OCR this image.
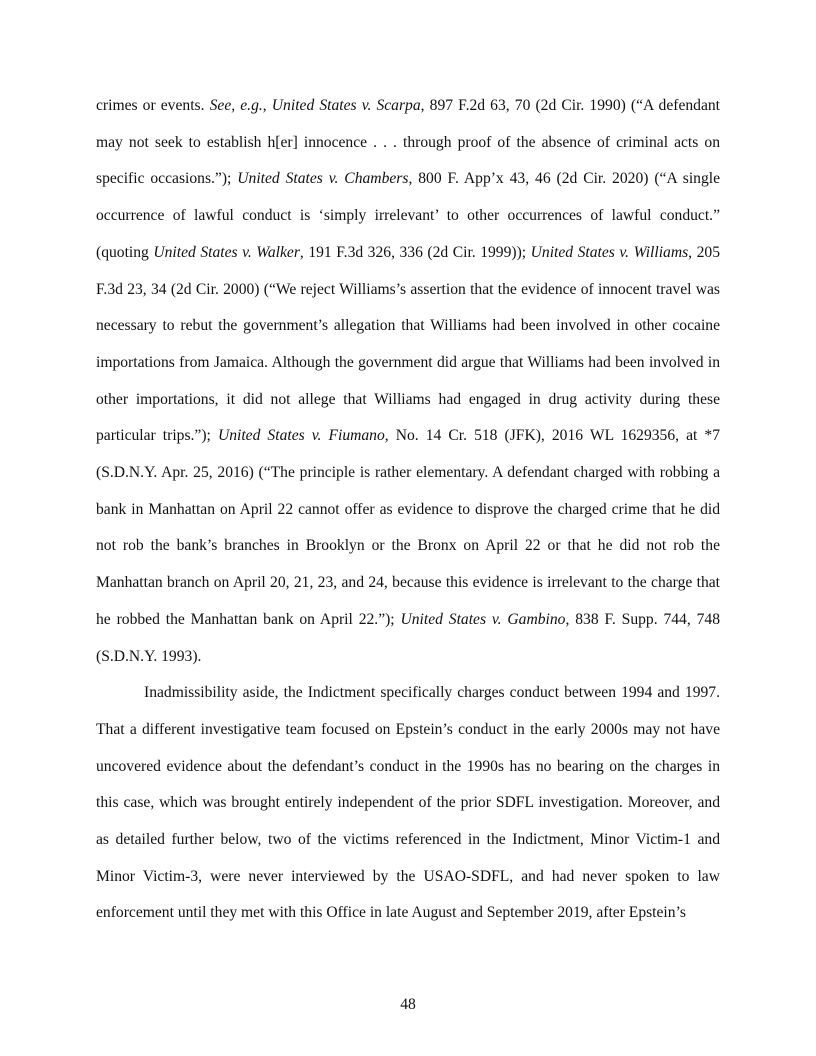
crimes or events. See, e.g., United States v. Scarpa, 897 F.2d 63, 70 (2d Cir. 1990) (“A defendant may not seek to establish h[er] innocence . . . through proof of the absence of criminal acts on specific occasions.”); United States v. Chambers, 800 F. App’x 43, 46 (2d Cir. 2020) (“A single occurrence of lawful conduct is ‘simply irrelevant’ to other occurrences of lawful conduct.” (quoting United States v. Walker, 191 F.3d 326, 336 (2d Cir. 1999)); United States v. Williams, 205 F.3d 23, 34 (2d Cir. 2000) (“We reject Williams’s assertion that the evidence of innocent travel was necessary to rebut the government’s allegation that Williams had been involved in other cocaine importations from Jamaica. Although the government did argue that Williams had been involved in other importations, it did not allege that Williams had engaged in drug activity during these particular trips.”); United States v. Fiumano, No. 14 Cr. 518 (JFK), 2016 WL 1629356, at *7 (S.D.N.Y. Apr. 25, 2016) (“The principle is rather elementary. A defendant charged with robbing a bank in Manhattan on April 22 cannot offer as evidence to disprove the charged crime that he did not rob the bank’s branches in Brooklyn or the Bronx on April 22 or that he did not rob the Manhattan branch on April 20, 21, 23, and 24, because this evidence is irrelevant to the charge that he robbed the Manhattan bank on April 22.”); United States v. Gambino, 838 F. Supp. 744, 748 (S.D.N.Y. 1993).

Inadmissibility aside, the Indictment specifically charges conduct between 1994 and 1997. That a different investigative team focused on Epstein’s conduct in the early 2000s may not have uncovered evidence about the defendant’s conduct in the 1990s has no bearing on the charges in this case, which was brought entirely independent of the prior SDFL investigation. Moreover, and as detailed further below, two of the victims referenced in the Indictment, Minor Victim-1 and Minor Victim-3, were never interviewed by the USAO-SDFL, and had never spoken to law enforcement until they met with this Office in late August and September 2019, after Epstein’s

48
